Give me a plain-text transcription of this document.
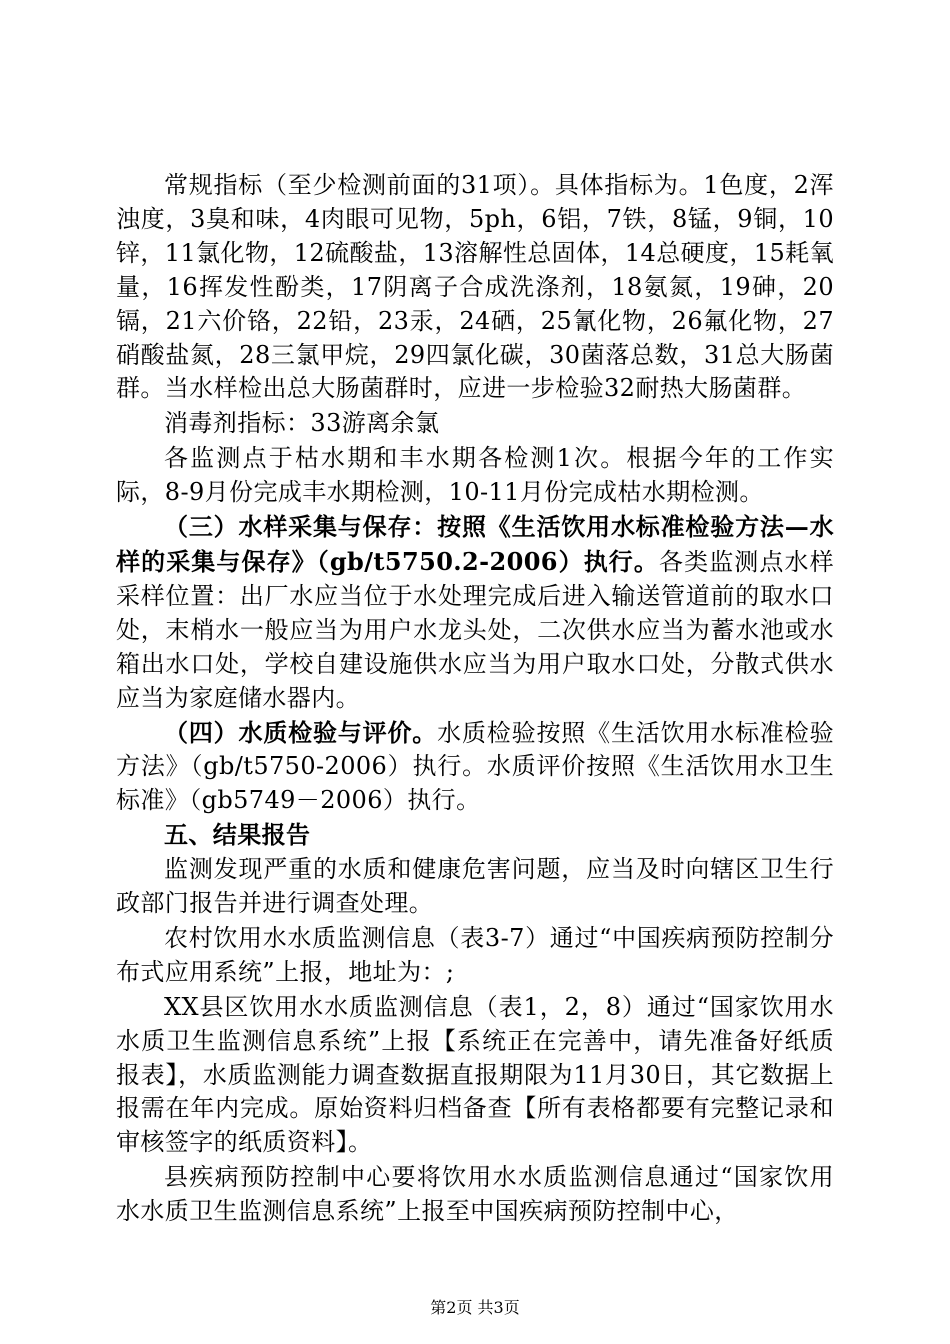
常规指标（至少检测前面的31项）。具体指标为。1色度，2浑浊度，3臭和味，4肉眼可见物，5ph，6铝，7铁，8锰，9铜，10锌，11氯化物，12硫酸盐，13溶解性总固体，14总硬度，15耗氧量，16挥发性酚类，17阴离子合成洗涤剂，18氨氮，19砷，20镉，21六价铬，22铅，23汞，24硒，25氰化物，26氟化物，27硝酸盐氮，28三氯甲烷，29四氯化碳，30菌落总数，31总大肠菌群。当水样检出总大肠菌群时，应进一步检验32耐热大肠菌群。

消毒剂指标：33游离余氯

各监测点于枯水期和丰水期各检测1次。根据今年的工作实际，8-9月份完成丰水期检测，10-11月份完成枯水期检测。

（三）水样采集与保存：按照《生活饮用水标准检验方法—水样的采集与保存》（gb/t5750.2-2006）执行。各类监测点水样采样位置：出厂水应当位于水处理完成后进入输送管道前的取水口处，末梢水一般应当为用户水龙头处，二次供水应当为蓄水池或水箱出水口处，学校自建设施供水应当为用户取水口处，分散式供水应当为家庭储水器内。

（四）水质检验与评价。水质检验按照《生活饮用水标准检验方法》（gb/t5750-2006）执行。水质评价按照《生活饮用水卫生标准》（gb5749－2006）执行。

五、结果报告

监测发现严重的水质和健康危害问题，应当及时向辖区卫生行政部门报告并进行调查处理。

农村饮用水水质监测信息（表3-7）通过“中国疾病预防控制分布式应用系统”上报，地址为：;

XX县区饮用水水质监测信息（表1，2，8）通过“国家饮用水水质卫生监测信息系统”上报【系统正在完善中，请先准备好纸质报表】，水质监测能力调查数据直报期限为11月30日，其它数据上报需在年内完成。原始资料归档备查【所有表格都要有完整记录和审核签字的纸质资料】。

县疾病预防控制中心要将饮用水水质监测信息通过“国家饮用水水质卫生监测信息系统”上报至中国疾病预防控制中心，

第2页 共3页
